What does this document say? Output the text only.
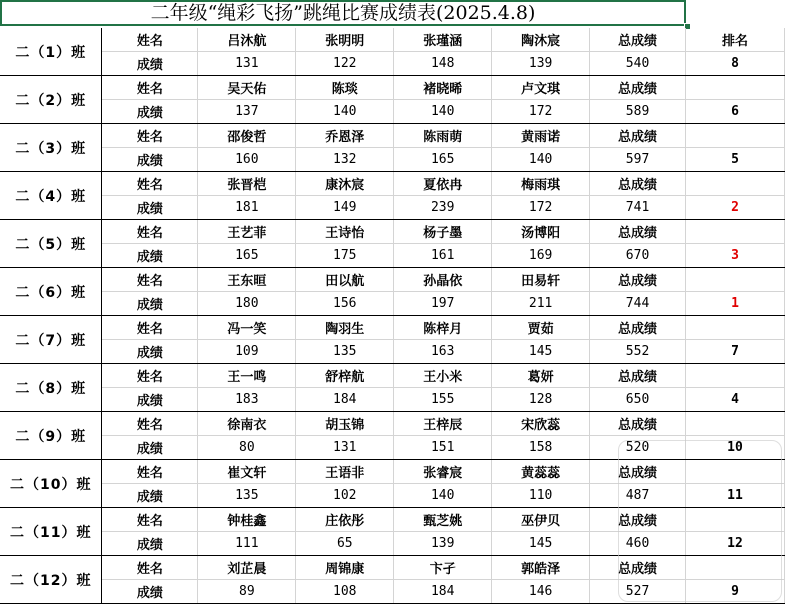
二年级“绳彩飞扬”跳绳比赛成绩表(2025.4.8)
二（1）班	姓名	吕沐航	张明明	张瑾涵	陶沐宸	总成绩	排名
	成绩	131	122	148	139	540	8
二（2）班	姓名	吴天佑	陈琰	褚晓晞	卢文琪	总成绩	
	成绩	137	140	140	172	589	6
二（3）班	姓名	邵俊哲	乔恩泽	陈雨萌	黄雨诺	总成绩	
	成绩	160	132	165	140	597	5
二（4）班	姓名	张晋桤	康沐宸	夏依冉	梅雨琪	总成绩	
	成绩	181	149	239	172	741	2
二（5）班	姓名	王艺菲	王诗怡	杨子墨	汤博阳	总成绩	
	成绩	165	175	161	169	670	3
二（6）班	姓名	王东晅	田以航	孙晶依	田易轩	总成绩	
	成绩	180	156	197	211	744	1
二（7）班	姓名	冯一笑	陶羽生	陈梓月	贾茹	总成绩	
	成绩	109	135	163	145	552	7
二（8）班	姓名	王一鸣	舒梓航	王小米	葛妍	总成绩	
	成绩	183	184	155	128	650	4
二（9）班	姓名	徐南衣	胡玉锦	王梓辰	宋欣蕊	总成绩	
	成绩	80	131	151	158	520	10
二（10）班	姓名	崔文轩	王语非	张睿宸	黄蕊蕊	总成绩	
	成绩	135	102	140	110	487	11
二（11）班	姓名	钟桂鑫	庄依彤	甄芝姚	巫伊贝	总成绩	
	成绩	111	65	139	145	460	12
二（12）班	姓名	刘芷晨	周锦康	卞孑	郭皓泽	总成绩	
	成绩	89	108	184	146	527	9
